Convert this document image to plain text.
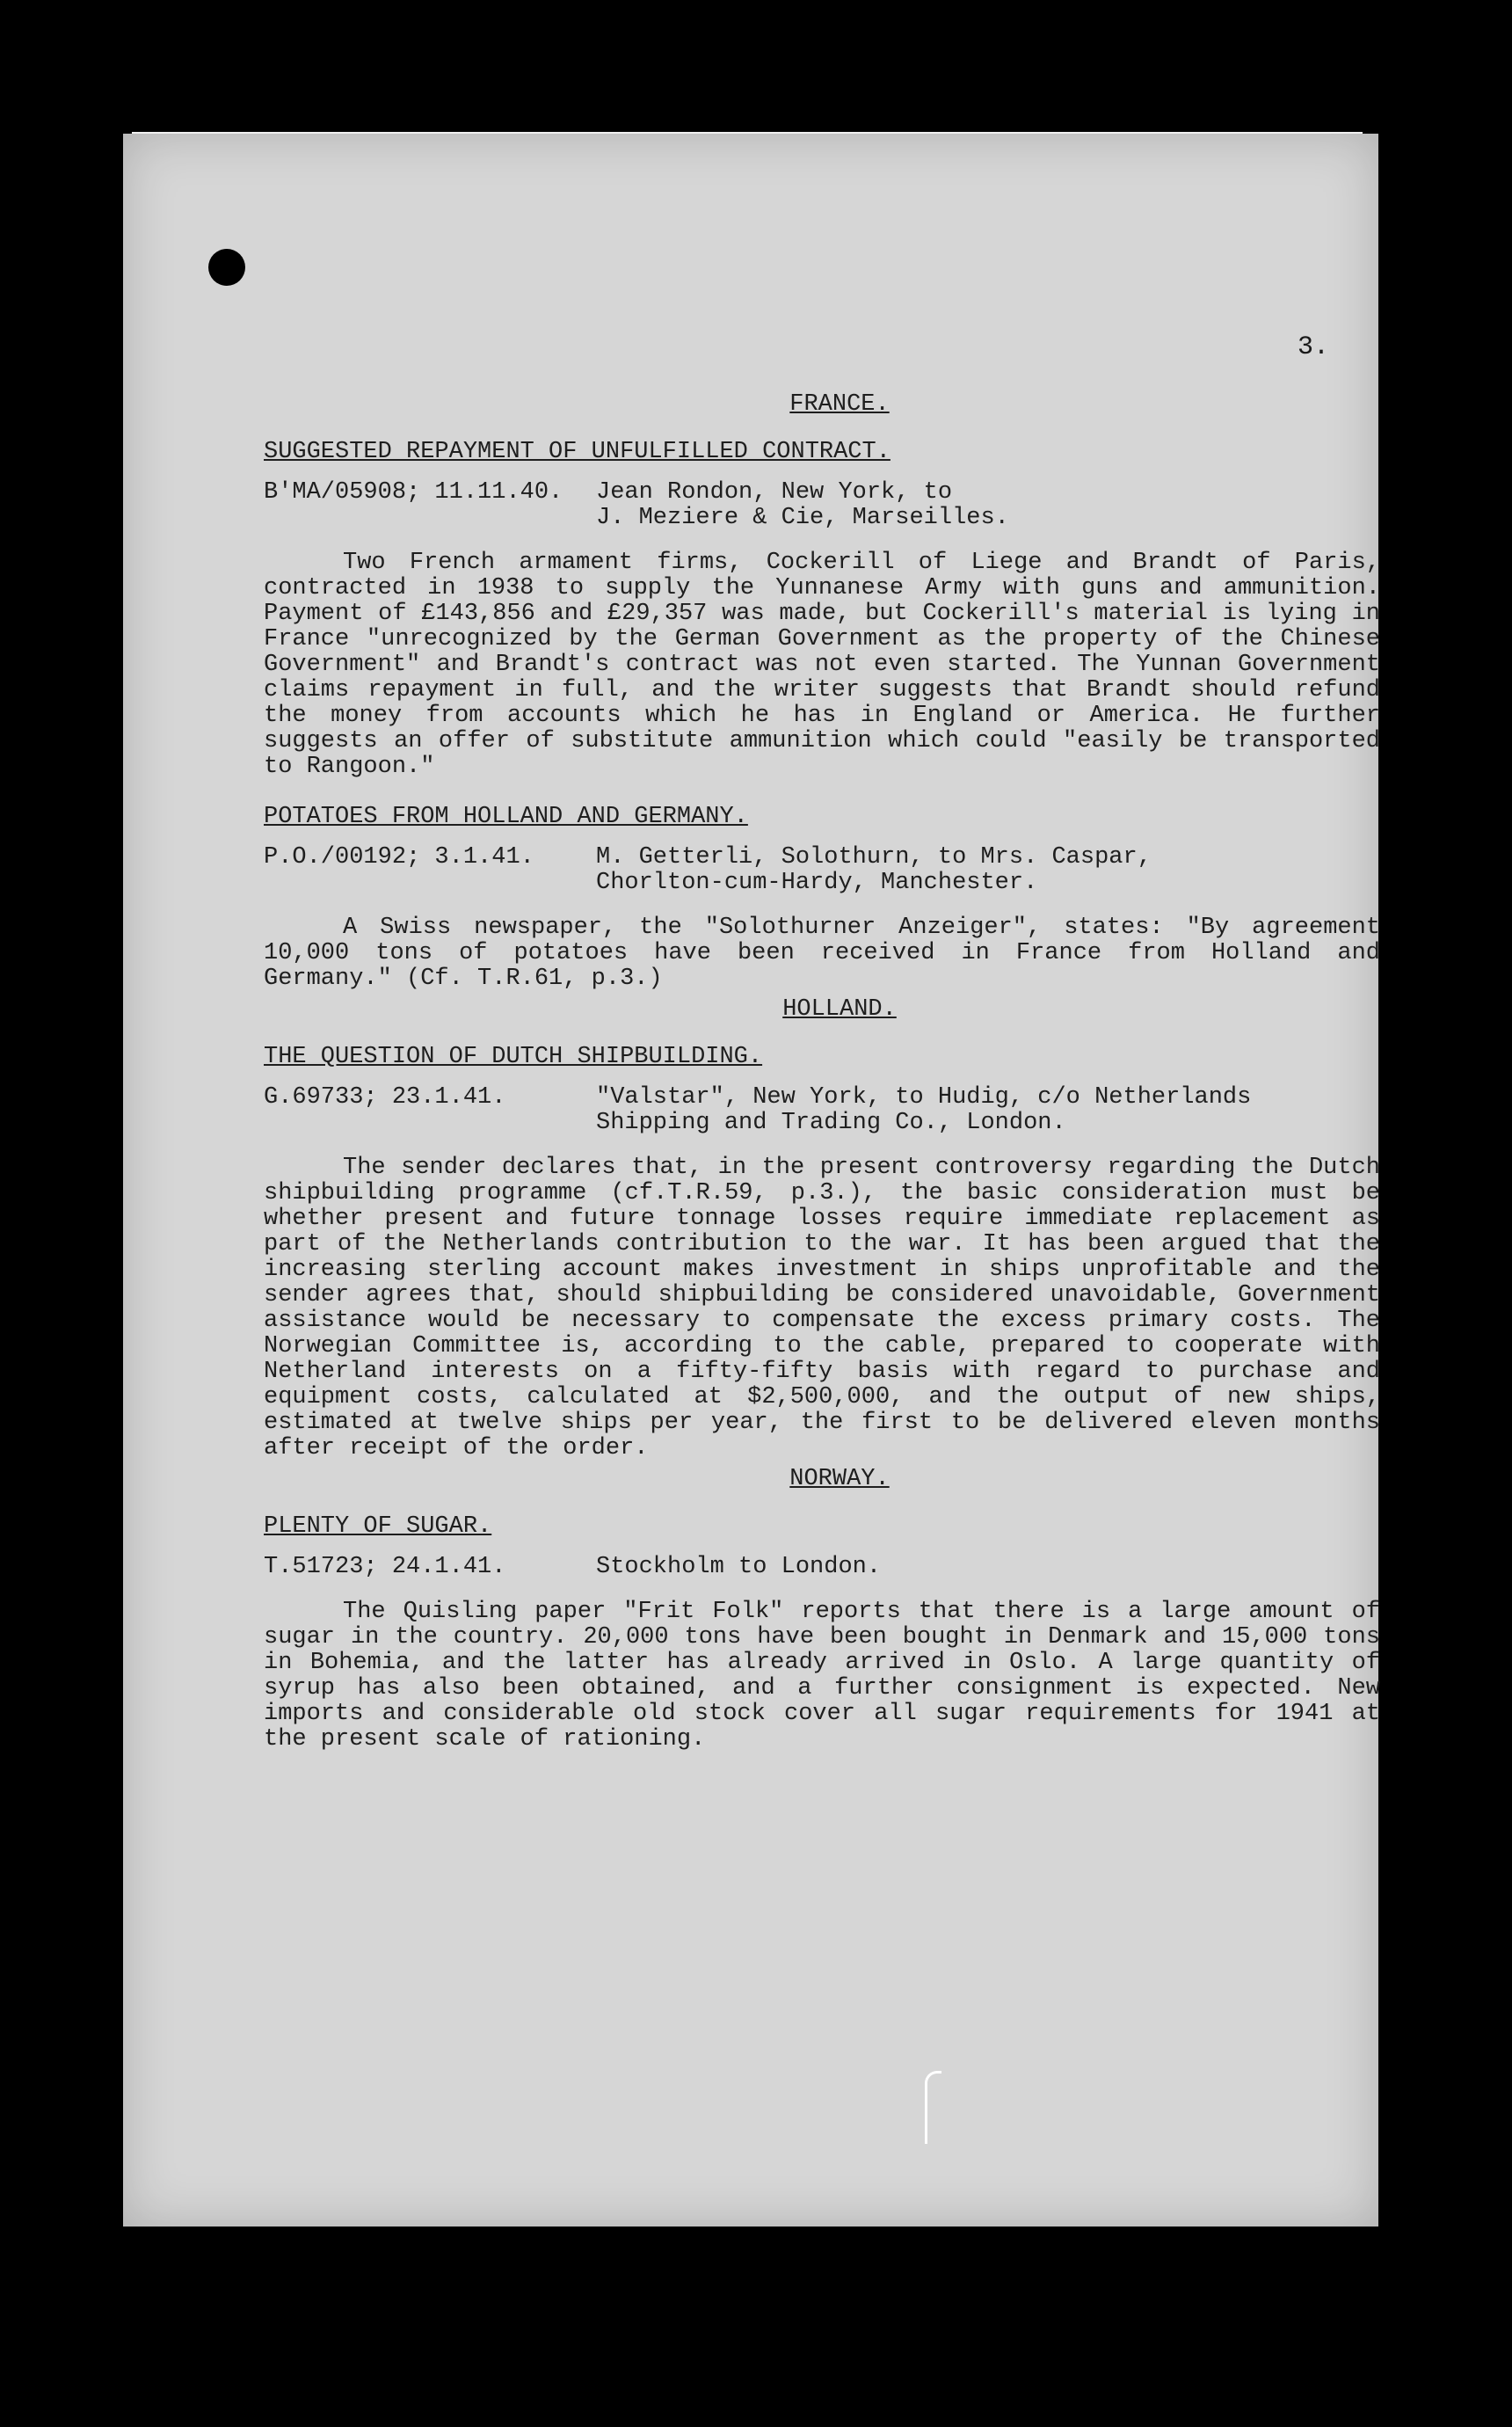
3.
FRANCE.
SUGGESTED REPAYMENT OF UNFULFILLED CONTRACT.
B'MA/05908; 11.11.40.	Jean Rondon, New York, to
J. Meziere & Cie, Marseilles.

Two French armament firms, Cockerill of Liege and Brandt of Paris, contracted in 1938 to supply the Yunnanese Army with guns and ammunition. Payment of £143,856 and £29,357 was made, but Cockerill's material is lying in France "unrecognized by the German Government as the property of the Chinese Government" and Brandt's contract was not even started. The Yunnan Government claims repayment in full, and the writer suggests that Brandt should refund the money from accounts which he has in England or America. He further suggests an offer of substitute ammunition which could "easily be transported to Rangoon."

POTATOES FROM HOLLAND AND GERMANY.
P.O./00192; 3.1.41.	M. Getterli, Solothurn, to Mrs. Caspar,
Chorlton-cum-Hardy, Manchester.

A Swiss newspaper, the "Solothurner Anzeiger", states: "By agreement 10,000 tons of potatoes have been received in France from Holland and Germany." (Cf. T.R.61, p.3.)

HOLLAND.
THE QUESTION OF DUTCH SHIPBUILDING.
G.69733; 23.1.41.	"Valstar", New York, to Hudig, c/o Netherlands
Shipping and Trading Co., London.

The sender declares that, in the present controversy regarding the Dutch shipbuilding programme (cf.T.R.59, p.3.), the basic consideration must be whether present and future tonnage losses require immediate replacement as part of the Netherlands contribution to the war. It has been argued that the increasing sterling account makes investment in ships unprofitable and the sender agrees that, should shipbuilding be considered unavoidable, Government assistance would be necessary to compensate the excess primary costs. The Norwegian Committee is, according to the cable, prepared to cooperate with Netherland interests on a fifty-fifty basis with regard to purchase and equipment costs, calculated at $2,500,000, and the output of new ships, estimated at twelve ships per year, the first to be delivered eleven months after receipt of the order.

NORWAY.
PLENTY OF SUGAR.
T.51723; 24.1.41.	Stockholm to London.

The Quisling paper "Frit Folk" reports that there is a large amount of sugar in the country. 20,000 tons have been bought in Denmark and 15,000 tons in Bohemia, and the latter has already arrived in Oslo. A large quantity of syrup has also been obtained, and a further consignment is expected. New imports and considerable old stock cover all sugar requirements for 1941 at the present scale of rationing.
